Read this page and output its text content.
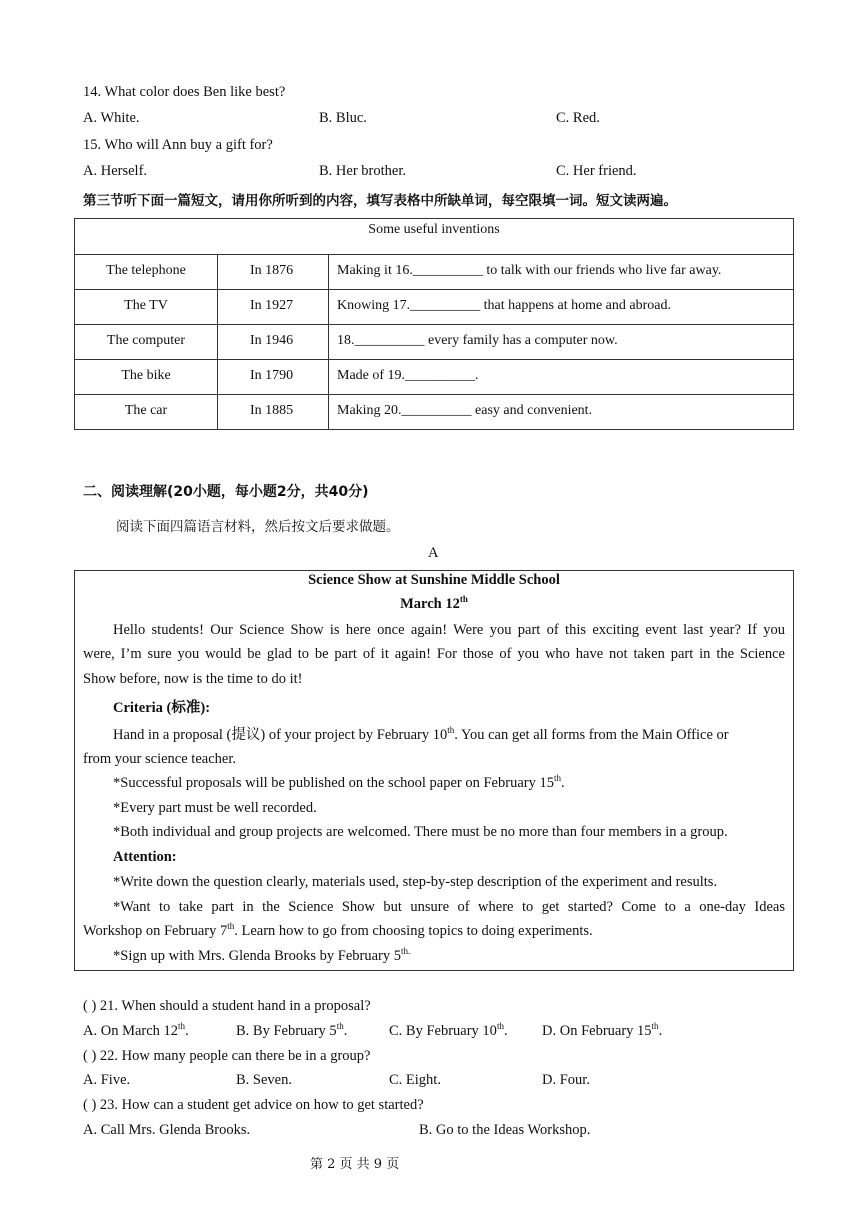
14. What color does Ben like best?
A. White.	B. Bluc.	C. Red.
15. Who will Ann buy a gift for?
A. Herself.	B. Her brother.	C. Her friend.
第三节听下面一篇短文，请用你所听到的内容，填写表格中所缺单词，每空限填一词。短文读两遍。
Some useful inventions		
The telephone	In 1876	Making it 16.__________ to talk with our friends who live far away.
The TV	In 1927	Knowing 17.__________ that happens at home and abroad.
The computer	In 1946	18.__________ every family has a computer now.
The bike	In 1790	Made of 19.__________.
The car	In 1885	Making 20.__________ easy and convenient.
二、阅读理解(20小题，每小题2分，共40分)
阅读下面四篇语言材料，然后按文后要求做题。
A
Science Show at Sunshine Middle School
March 12th
Hello students! Our Science Show is here once again! Were you part of this exciting event last year? If you
were, I’m sure you would be glad to be part of it again! For those of you who have not taken part in the Science
Show before, now is the time to do it!
Criteria (标准):
Hand in a proposal (提议) of your project by February 10th. You can get all forms from the Main Office or
from your science teacher.
*Successful proposals will be published on the school paper on February 15th.
*Every part must be well recorded.
*Both individual and group projects are welcomed. There must be no more than four members in a group.
Attention:
*Write down the question clearly, materials used, step-by-step description of the experiment and results.
*Want to take part in the Science Show but unsure of where to get started? Come to a one-day Ideas
Workshop on February 7th. Learn how to go from choosing topics to doing experiments.
*Sign up with Mrs. Glenda Brooks by February $5^{th.}$
( ) 21. When should a student hand in a proposal?
A. On March 12th.	B. By February 5th.	C. By February 10th. D. On February 15th.
( ) 22. How many people can there be in a group?
A. Five.	B. Seven.	C. Eight.	D. Four.
( ) 23. How can a student get advice on how to get started?
A. Call Mrs. Glenda Brooks.	B. Go to the Ideas Workshop.
第 2 页 共 9 页
